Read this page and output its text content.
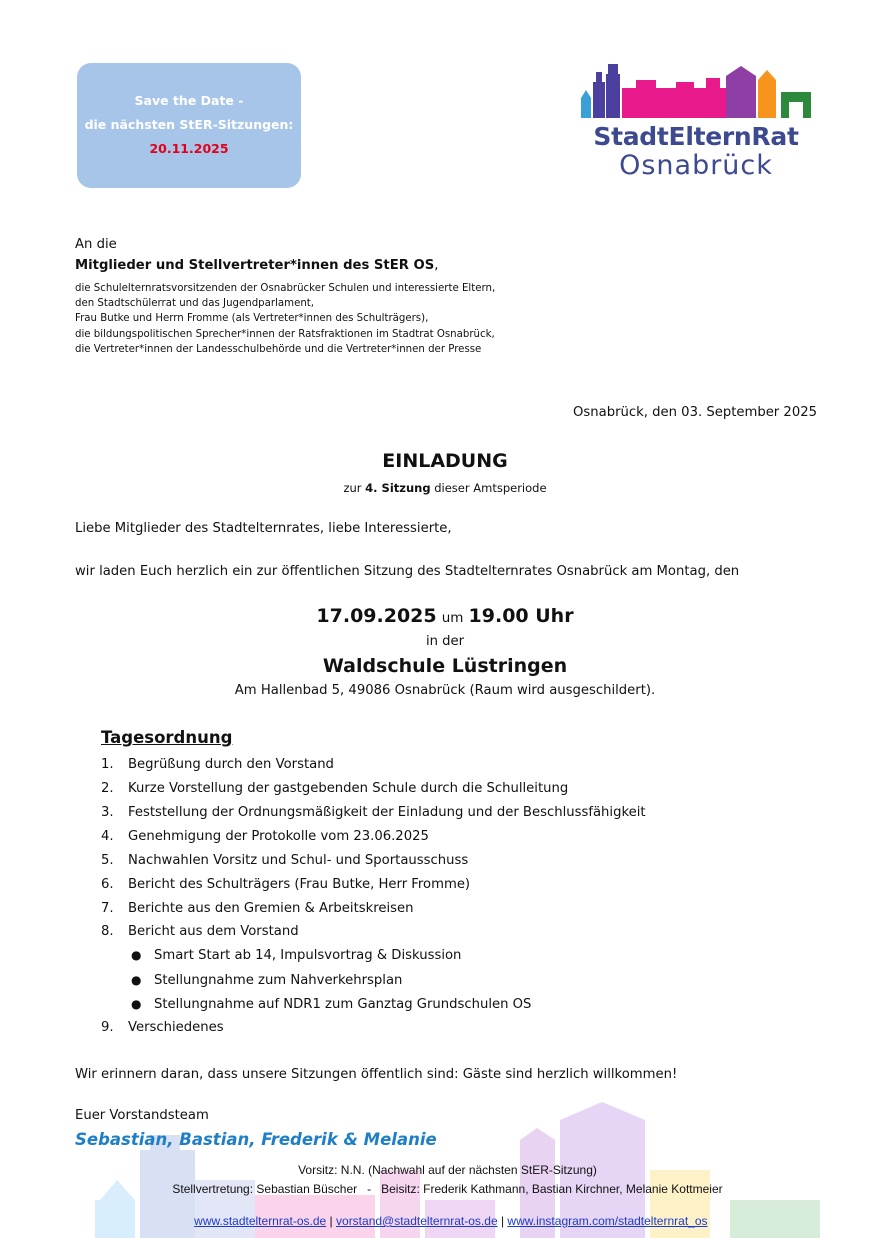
Save the Date -
die nächsten StER-Sitzungen:
20.11.2025	StadtElternRat
Osnabrück
An die
Mitglieder und Stellvertreter*innen des StER OS,
die Schulelternratsvorsitzenden der Osnabrücker Schulen und interessierte Eltern,
den Stadtschülerrat und das Jugendparlament,
Frau Butke und Herrn Fromme (als Vertreter*innen des Schulträgers),
die bildungspolitischen Sprecher*innen der Ratsfraktionen im Stadtrat Osnabrück,
die Vertreter*innen der Landesschulbehörde und die Vertreter*innen der Presse
Osnabrück, den 03. September 2025
EINLADUNG
zur 4. Sitzung dieser Amtsperiode
Liebe Mitglieder des Stadtelternrates, liebe Interessierte,
wir laden Euch herzlich ein zur öffentlichen Sitzung des Stadtelternrates Osnabrück am Montag, den
17.09.2025 um 19.00 Uhr
in der
Waldschule Lüstringen
Am Hallenbad 5, 49086 Osnabrück (Raum wird ausgeschildert).
Tagesordnung
1. Begrüßung durch den Vorstand
2. Kurze Vorstellung der gastgebenden Schule durch die Schulleitung
3. Feststellung der Ordnungsmäßigkeit der Einladung und der Beschlussfähigkeit
4. Genehmigung der Protokolle vom 23.06.2025
5. Nachwahlen Vorsitz und Schul- und Sportausschuss
6. Bericht des Schulträgers (Frau Butke, Herr Fromme)
7. Berichte aus den Gremien & Arbeitskreisen
8. Bericht aus dem Vorstand
● Smart Start ab 14, Impulsvortrag & Diskussion
● Stellungnahme zum Nahverkehrsplan
● Stellungnahme auf NDR1 zum Ganztag Grundschulen OS
9. Verschiedenes
Wir erinnern daran, dass unsere Sitzungen öffentlich sind: Gäste sind herzlich willkommen!
Euer Vorstandsteam
Sebastian, Bastian, Frederik & Melanie
Vorsitz: N.N. (Nachwahl auf der nächsten StER-Sitzung)
Stellvertretung: Sebastian Büscher   -   Beisitz: Frederik Kathmann, Bastian Kirchner, Melanie Kottmeier

www.stadtelternrat-os.de | vorstand@stadtelternrat-os.de | www.instagram.com/stadtelternrat_os
